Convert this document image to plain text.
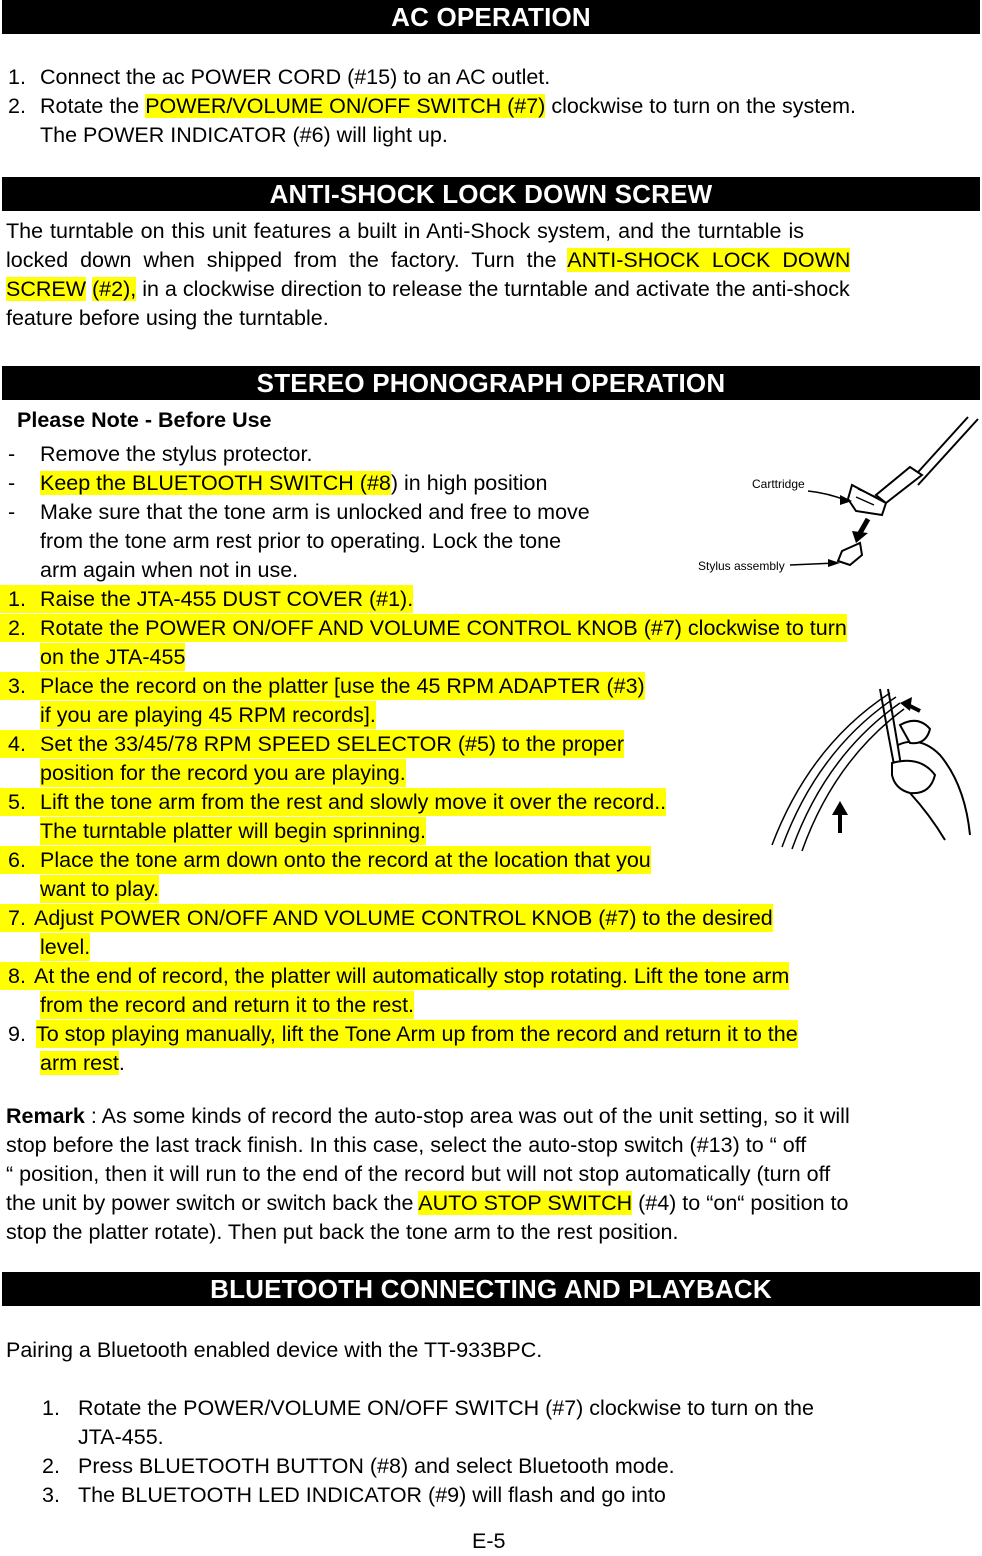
AC OPERATION
1. Connect the ac POWER CORD (#15) to an AC outlet.
2. Rotate the POWER/VOLUME ON/OFF SWITCH (#7) clockwise to turn on the system.
The POWER INDICATOR (#6) will light up.
ANTI-SHOCK LOCK DOWN SCREW
The turntable on this unit features a built in Anti-Shock system, and the turntable is
locked  down  when  shipped  from  the  factory.  Turn  the  ANTI-SHOCK  LOCK  DOWN
SCREW (#2), in a clockwise direction to release the turntable and activate the anti-shock
feature before using the turntable.
STEREO PHONOGRAPH OPERATION
Please Note - Before Use
- Remove the stylus protector.
- Keep the BLUETOOTH SWITCH (#8) in high position
- Make sure that the tone arm is unlocked and free to move
from the tone arm rest prior to operating. Lock the tone
arm again when not in use.
Carttridge
Stylus assembly
1. Raise the JTA-455 DUST COVER (#1).
2. Rotate the POWER ON/OFF AND VOLUME CONTROL KNOB (#7) clockwise to turn
on the JTA-455
3. Place the record on the platter [use the 45 RPM ADAPTER (#3)
if you are playing 45 RPM records].
4. Set the 33/45/78 RPM SPEED SELECTOR (#5) to the proper
position for the record you are playing.
5. Lift the tone arm from the rest and slowly move it over the record..
The turntable platter will begin sprinning.
6. Place the tone arm down onto the record at the location that you
want to play.
7. Adjust POWER ON/OFF AND VOLUME CONTROL KNOB (#7) to the desired
level.
8. At the end of record, the platter will automatically stop rotating. Lift the tone arm
from the record and return it to the rest.
9. To stop playing manually, lift the Tone Arm up from the record and return it to the
arm rest.
Remark : As some kinds of record the auto-stop area was out of the unit setting, so it will
stop before the last track finish. In this case, select the auto-stop switch (#13) to “ off
“ position, then it will run to the end of the record but will not stop automatically (turn off
the unit by power switch or switch back the AUTO STOP SWITCH (#4) to “on“ position to
stop the platter rotate). Then put back the tone arm to the rest position.
BLUETOOTH CONNECTING AND PLAYBACK
Pairing a Bluetooth enabled device with the TT-933BPC.
1. Rotate the POWER/VOLUME ON/OFF SWITCH (#7) clockwise to turn on the
JTA-455.
2. Press BLUETOOTH BUTTON (#8) and select Bluetooth mode.
3. The BLUETOOTH LED INDICATOR (#9) will flash and go into
E-5
